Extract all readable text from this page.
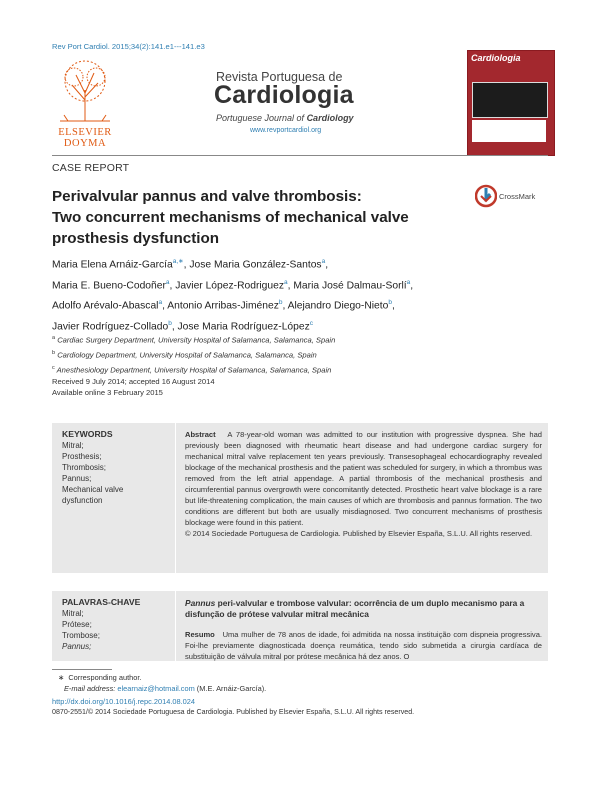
Rev Port Cardiol. 2015;34(2):141.e1---141.e3
ELSEVIER DOYMA
Revista Portuguesa de
Cardiologia
Portuguese Journal of Cardiology
www.revportcardiol.org
Cardiologia
CASE REPORT
Perivalvular pannus and valve thrombosis:
Two concurrent mechanisms of mechanical valve
prosthesis dysfunction
CrossMark
Maria Elena Arnáiz-García$^{a,∗}$, Jose Maria González-Santos$^a$,
Maria E. Bueno-Codoñer$^a$, Javier López-Rodriguez$^a$, Maria José Dalmau-Sorlí$^a$,
Adolfo Arévalo-Abascal$^a$, Antonio Arribas-Jiménez$^b$, Alejandro Diego-Nieto$^b$,
Javier Rodríguez-Collado$^b$, Jose Maria Rodríguez-López$^c$
$^a$ Cardiac Surgery Department, University Hospital of Salamanca, Salamanca, Spain
$^b$ Cardiology Department, University Hospital of Salamanca, Salamanca, Spain
$^c$ Anesthesiology Department, University Hospital of Salamanca, Salamanca, Spain
Received 9 July 2014; accepted 16 August 2014
Available online 3 February 2015
KEYWORDS
Mitral;
Prosthesis;
Thrombosis;
Pannus;
Mechanical valve
dysfunction
Abstract A 78-year-old woman was admitted to our institution with progressive dyspnea. She had previously been diagnosed with rheumatic heart disease and had undergone cardiac surgery for mechanical mitral valve replacement ten years previously. Transesophageal echocardiography revealed blockage of the mechanical prosthesis and the patient was scheduled for surgery, in which a thrombus was removed from the left atrial appendage. A partial thrombosis of the mechanical prosthesis and circumferential pannus overgrowth were concomitantly detected. Prosthetic heart valve blockage is a rare but life-threatening complication, the main causes of which are thrombosis and pannus formation. The two conditions are different but both are usually misdiagnosed. Two concurrent mechanisms of prosthesis blockage were found in this patient.
© 2014 Sociedade Portuguesa de Cardiologia. Published by Elsevier España, S.L.U. All rights reserved.
PALAVRAS-CHAVE
Mitral;
Prótese;
Trombose;
Pannus;
Pannus peri-valvular e trombose valvular: ocorrência de um duplo mecanismo para a disfunção de prótese valvular mitral mecânica
Resumo Uma mulher de 78 anos de idade, foi admitida na nossa instituição com dispneia progressiva. Foi-lhe previamente diagnosticada doença reumática, tendo sido submetida a cirurgia cardíaca de substituição de válvula mitral por prótese mecânica há dez anos. O
∗ Corresponding author.
E-mail address: elearnaiz@hotmail.com (M.E. Arnáiz-García).
http://dx.doi.org/10.1016/j.repc.2014.08.024
0870-2551/© 2014 Sociedade Portuguesa de Cardiologia. Published by Elsevier España, S.L.U. All rights reserved.
